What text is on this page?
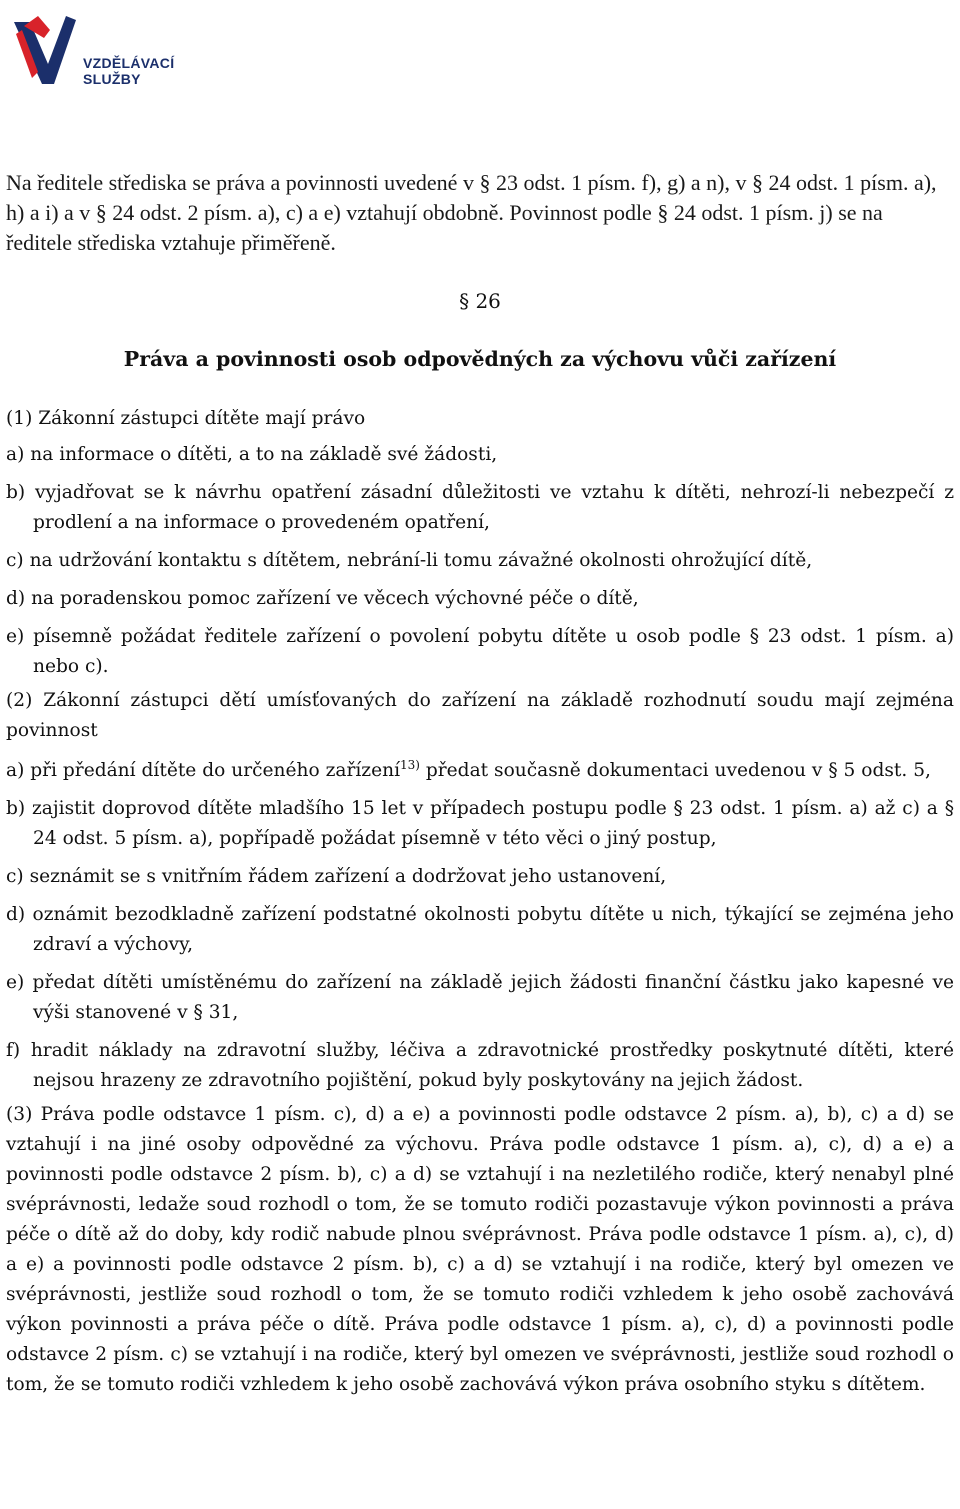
VZDĚLÁVACÍ
SLUŽBY

Na ředitele střediska se práva a povinnosti uvedené v § 23 odst. 1 písm. f), g) a n), v § 24 odst. 1 písm. a), h) a i) a v § 24 odst. 2 písm. a), c) a e) vztahují obdobně. Povinnost podle § 24 odst. 1 písm. j) se na ředitele střediska vztahuje přiměřeně.

§ 26
Práva a povinnosti osob odpovědných za výchovu vůči zařízení

(1) Zákonní zástupci dítěte mají právo

a) na informace o dítěti, a to na základě své žádosti,

b) vyjadřovat se k návrhu opatření zásadní důležitosti ve vztahu k dítěti, nehrozí-li nebezpečí z prodlení a na informace o provedeném opatření,

c) na udržování kontaktu s dítětem, nebrání-li tomu závažné okolnosti ohrožující dítě,

d) na poradenskou pomoc zařízení ve věcech výchovné péče o dítě,

e) písemně požádat ředitele zařízení o povolení pobytu dítěte u osob podle § 23 odst. 1 písm. a) nebo c).

(2) Zákonní zástupci dětí umísťovaných do zařízení na základě rozhodnutí soudu mají zejména povinnost

a) při předání dítěte do určeného zařízení$^{13)}$ předat současně dokumentaci uvedenou v § 5 odst. 5,

b) zajistit doprovod dítěte mladšího 15 let v případech postupu podle § 23 odst. 1 písm. a) až c) a § 24 odst. 5 písm. a), popřípadě požádat písemně v této věci o jiný postup,

c) seznámit se s vnitřním řádem zařízení a dodržovat jeho ustanovení,

d) oznámit bezodkladně zařízení podstatné okolnosti pobytu dítěte u nich, týkající se zejména jeho zdraví a výchovy,

e) předat dítěti umístěnému do zařízení na základě jejich žádosti finanční částku jako kapesné ve výši stanovené v § 31,

f) hradit náklady na zdravotní služby, léčiva a zdravotnické prostředky poskytnuté dítěti, které nejsou hrazeny ze zdravotního pojištění, pokud byly poskytovány na jejich žádost.

(3) Práva podle odstavce 1 písm. c), d) a e) a povinnosti podle odstavce 2 písm. a), b), c) a d) se vztahují i na jiné osoby odpovědné za výchovu. Práva podle odstavce 1 písm. a), c), d) a e) a povinnosti podle odstavce 2 písm. b), c) a d) se vztahují i na nezletilého rodiče, který nenabyl plné svéprávnosti, ledaže soud rozhodl o tom, že se tomuto rodiči pozastavuje výkon povinnosti a práva péče o dítě až do doby, kdy rodič nabude plnou svéprávnost. Práva podle odstavce 1 písm. a), c), d) a e) a povinnosti podle odstavce 2 písm. b), c) a d) se vztahují i na rodiče, který byl omezen ve svéprávnosti, jestliže soud rozhodl o tom, že se tomuto rodiči vzhledem k jeho osobě zachovává výkon povinnosti a práva péče o dítě. Práva podle odstavce 1 písm. a), c), d) a povinnosti podle odstavce 2 písm. c) se vztahují i na rodiče, který byl omezen ve svéprávnosti, jestliže soud rozhodl o tom, že se tomuto rodiči vzhledem k jeho osobě zachovává výkon práva osobního styku s dítětem.
